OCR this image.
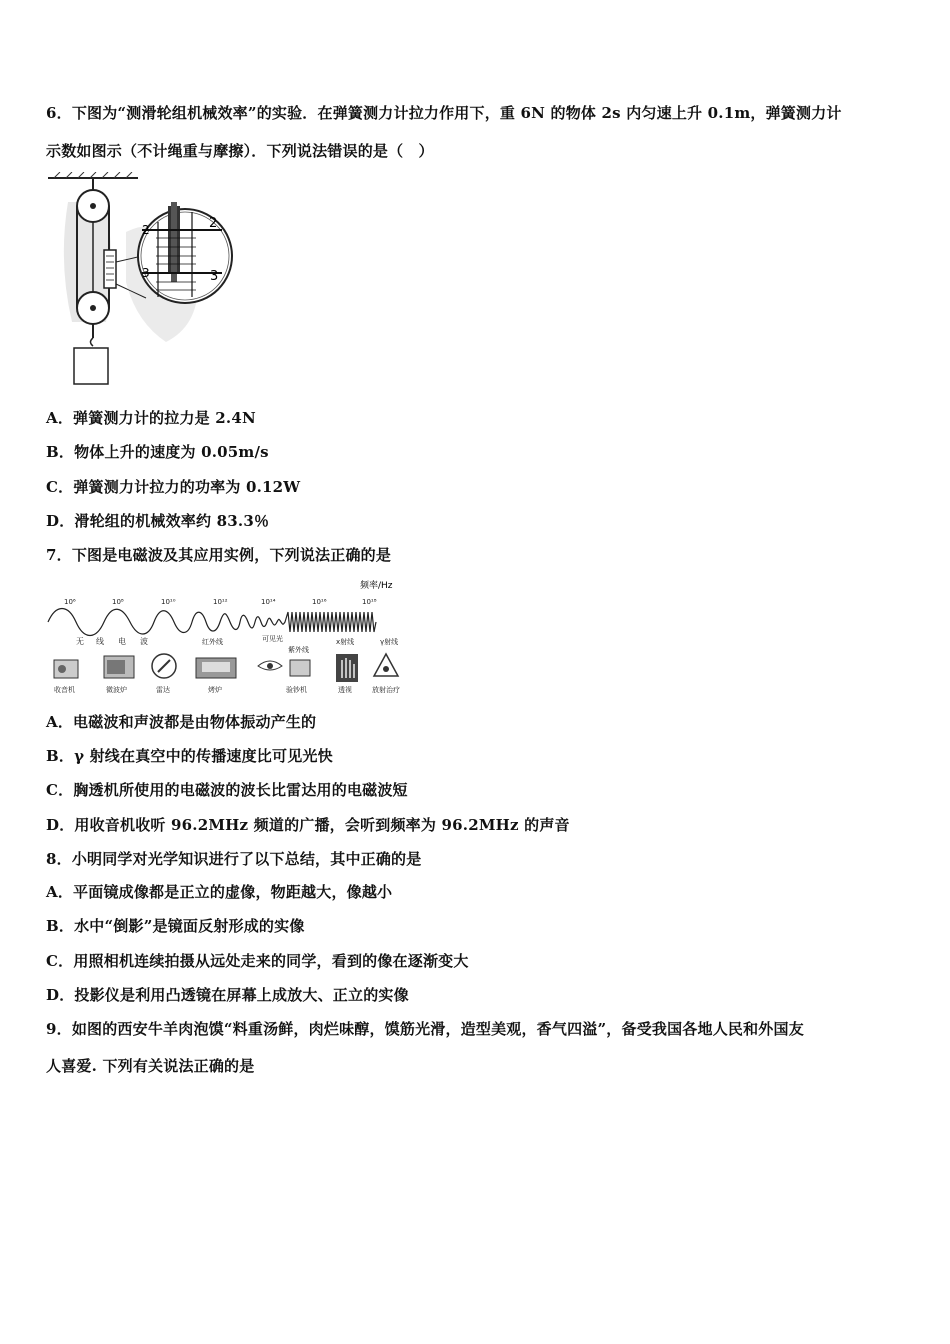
6．下图为“测滑轮组机械效率”的实验．在弹簧测力计拉力作用下，重 6N 的物体 2s 内匀速上升 0.1m，弹簧测力计
示数如图示（不计绳重与摩擦）．下列说法错误的是（　）
2	2
3	3
A．弹簧测力计的拉力是 2.4N
B．物体上升的速度为 0.05m/s
C．弹簧测力计拉力的功率为 0.12W
D．滑轮组的机械效率约 83.3％
7．下图是电磁波及其应用实例，下列说法正确的是
频率/Hz
10⁶	10⁸	10¹⁰	10¹²	10¹⁴	10¹⁶	10¹⁸
无 线 电 波	红外线	可见光
紫外线
x射线	γ射线
收音机	微波炉	雷达	烤炉	验钞机	透视	放射治疗
A．电磁波和声波都是由物体振动产生的
B．γ 射线在真空中的传播速度比可见光快
C．胸透机所使用的电磁波的波长比雷达用的电磁波短
D．用收音机收听 96.2MHz 频道的广播，会听到频率为 96.2MHz 的声音
8．小明同学对光学知识进行了以下总结，其中正确的是
A．平面镜成像都是正立的虚像，物距越大，像越小
B．水中“倒影”是镜面反射形成的实像
C．用照相机连续拍摄从远处走来的同学，看到的像在逐渐变大
D．投影仪是利用凸透镜在屏幕上成放大、正立的实像
9．如图的西安牛羊肉泡馍“料重汤鲜，肉烂味醇，馍筋光滑，造型美观，香气四溢”，备受我国各地人民和外国友
人喜爱. 下列有关说法正确的是
